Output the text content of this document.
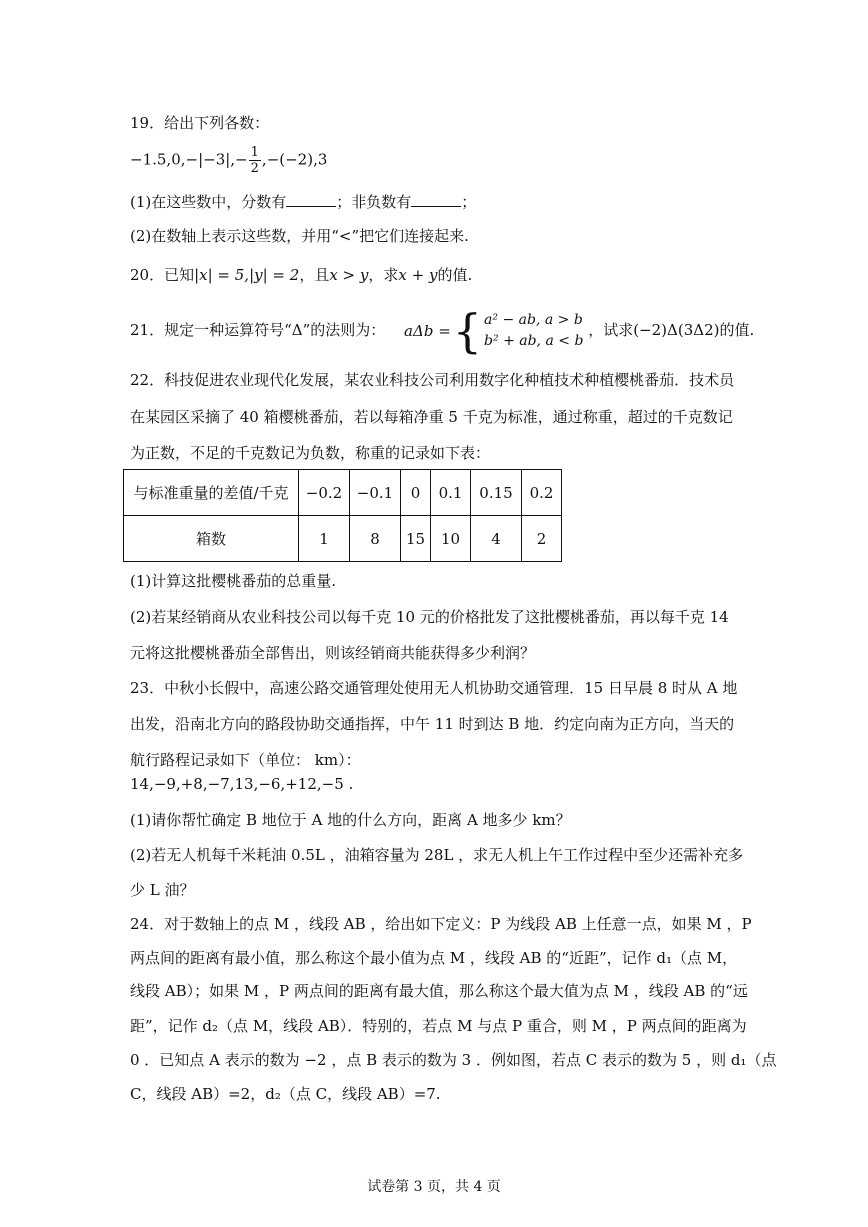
19．给出下列各数：
$-1.5,0,-|-3|,- \frac{1}{2} ,-(-2),3$
(1)在这些数中，分数有	；非负数有	；
(2)在数轴上表示这些数，并用“<”把它们连接起来.
20．已知|x| = 5,|y| = 2，且x > y，求x + y的值.
21．规定一种运算符号“Δ”的法则为： aΔb = { a² − ab, a > b
b² + ab, a < b
，试求(−2)Δ(3Δ2)的值.
22．科技促进农业现代化发展，某农业科技公司利用数字化种植技术种植樱桃番茄．技术员
在某园区采摘了 40 箱樱桃番茄，若以每箱净重 5 千克为标准，通过称重，超过的千克数记
为正数，不足的千克数记为负数，称重的记录如下表：
与标准重量的差值/千克	−0.2	−0.1	0	0.1	0.15	0.2
箱数	1	8	15	10	4	2
(1)计算这批樱桃番茄的总重量.
(2)若某经销商从农业科技公司以每千克 10 元的价格批发了这批樱桃番茄，再以每千克 14
元将这批樱桃番茄全部售出，则该经销商共能获得多少利润？
23．中秋小长假中，高速公路交通管理处使用无人机协助交通管理．15 日早晨 8 时从 A 地
出发，沿南北方向的路段协助交通指挥，中午 11 时到达 B 地．约定向南为正方向，当天的
航行路程记录如下（单位： km）：
14,−9,+8,−7,13,−6,+12,−5 .
(1)请你帮忙确定 B 地位于 A 地的什么方向，距离 A 地多少 km？
(2)若无人机每千米耗油 0.5L ，油箱容量为 28L ，求无人机上午工作过程中至少还需补充多
少 L 油？
24．对于数轴上的点 M ，线段 AB ，给出如下定义：P 为线段 AB 上任意一点，如果 M ，P
两点间的距离有最小值，那么称这个最小值为点 M ，线段 AB 的“近距”，记作 d₁（点 M，
线段 AB）；如果 M ，P 两点间的距离有最大值，那么称这个最大值为点 M ，线段 AB 的“远
距”，记作 d₂（点 M，线段 AB）．特别的，若点 M 与点 P 重合，则 M ，P 两点间的距离为
0 ．已知点 A 表示的数为 −2 ，点 B 表示的数为 3 ．例如图，若点 C 表示的数为 5 ，则 d₁（点
C，线段 AB）=2，d₂（点 C，线段 AB）=7.
试卷第 3 页，共 4 页
